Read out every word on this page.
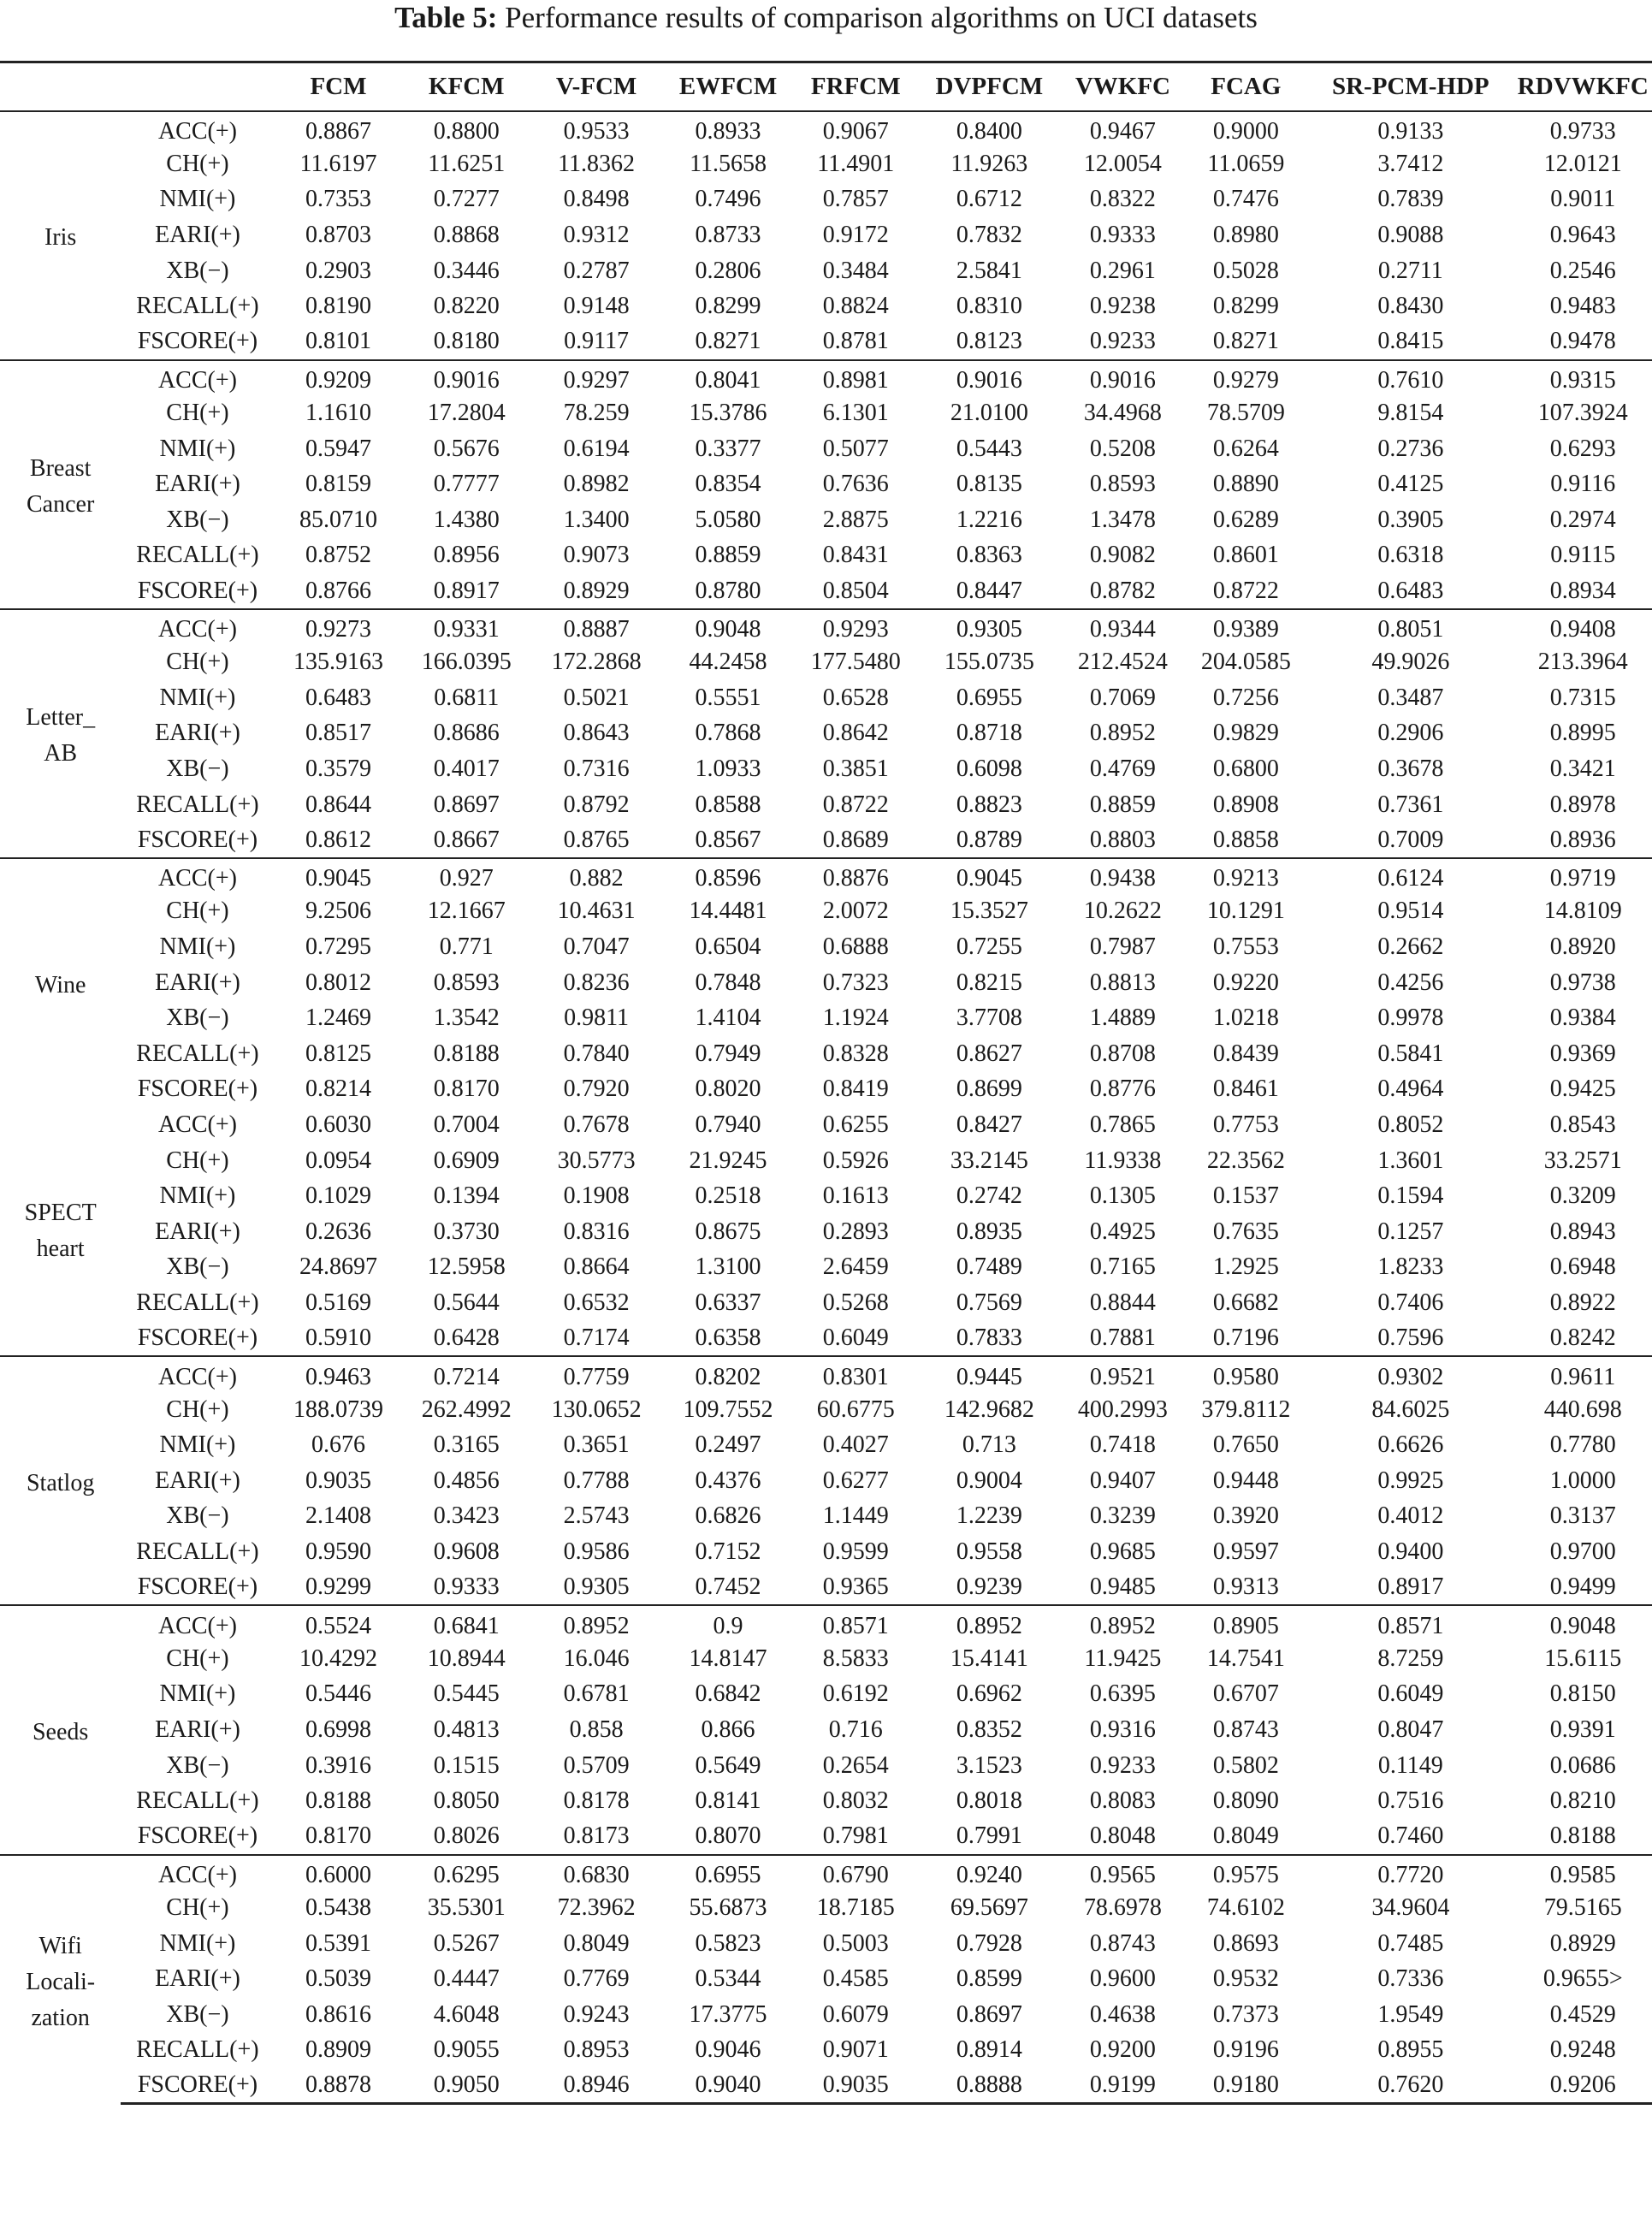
Table 5: Performance results of comparison algorithms on UCI datasets
		FCM	KFCM	V-FCM	EWFCM	FRFCM	DVPFCM	VWKFC	FCAG	SR-PCM-HDP	RDVWKFC

Iris	ACC(+)	0.8867	0.8800	0.9533	0.8933	0.9067	0.8400	0.9467	0.9000	0.9133	0.9733
	CH(+)	11.6197	11.6251	11.8362	11.5658	11.4901	11.9263	12.0054	11.0659	3.7412	12.0121
	NMI(+)	0.7353	0.7277	0.8498	0.7496	0.7857	0.6712	0.8322	0.7476	0.7839	0.9011
	EARI(+)	0.8703	0.8868	0.9312	0.8733	0.9172	0.7832	0.9333	0.8980	0.9088	0.9643
	XB(−)	0.2903	0.3446	0.2787	0.2806	0.3484	2.5841	0.2961	0.5028	0.2711	0.2546
	RECALL(+)	0.8190	0.8220	0.9148	0.8299	0.8824	0.8310	0.9238	0.8299	0.8430	0.9483
	FSCORE(+)	0.8101	0.8180	0.9117	0.8271	0.8781	0.8123	0.9233	0.8271	0.8415	0.9478

Breast
Cancer	ACC(+)	0.9209	0.9016	0.9297	0.8041	0.8981	0.9016	0.9016	0.9279	0.7610	0.9315
	CH(+)	1.1610	17.2804	78.259	15.3786	6.1301	21.0100	34.4968	78.5709	9.8154	107.3924
	NMI(+)	0.5947	0.5676	0.6194	0.3377	0.5077	0.5443	0.5208	0.6264	0.2736	0.6293
	EARI(+)	0.8159	0.7777	0.8982	0.8354	0.7636	0.8135	0.8593	0.8890	0.4125	0.9116
	XB(−)	85.0710	1.4380	1.3400	5.0580	2.8875	1.2216	1.3478	0.6289	0.3905	0.2974
	RECALL(+)	0.8752	0.8956	0.9073	0.8859	0.8431	0.8363	0.9082	0.8601	0.6318	0.9115
	FSCORE(+)	0.8766	0.8917	0.8929	0.8780	0.8504	0.8447	0.8782	0.8722	0.6483	0.8934

Letter_
AB	ACC(+)	0.9273	0.9331	0.8887	0.9048	0.9293	0.9305	0.9344	0.9389	0.8051	0.9408
	CH(+)	135.9163	166.0395	172.2868	44.2458	177.5480	155.0735	212.4524	204.0585	49.9026	213.3964
	NMI(+)	0.6483	0.6811	0.5021	0.5551	0.6528	0.6955	0.7069	0.7256	0.3487	0.7315
	EARI(+)	0.8517	0.8686	0.8643	0.7868	0.8642	0.8718	0.8952	0.9829	0.2906	0.8995
	XB(−)	0.3579	0.4017	0.7316	1.0933	0.3851	0.6098	0.4769	0.6800	0.3678	0.3421
	RECALL(+)	0.8644	0.8697	0.8792	0.8588	0.8722	0.8823	0.8859	0.8908	0.7361	0.8978
	FSCORE(+)	0.8612	0.8667	0.8765	0.8567	0.8689	0.8789	0.8803	0.8858	0.7009	0.8936

Wine	ACC(+)	0.9045	0.927	0.882	0.8596	0.8876	0.9045	0.9438	0.9213	0.6124	0.9719
	CH(+)	9.2506	12.1667	10.4631	14.4481	2.0072	15.3527	10.2622	10.1291	0.9514	14.8109
	NMI(+)	0.7295	0.771	0.7047	0.6504	0.6888	0.7255	0.7987	0.7553	0.2662	0.8920
	EARI(+)	0.8012	0.8593	0.8236	0.7848	0.7323	0.8215	0.8813	0.9220	0.4256	0.9738
	XB(−)	1.2469	1.3542	0.9811	1.4104	1.1924	3.7708	1.4889	1.0218	0.9978	0.9384
	RECALL(+)	0.8125	0.8188	0.7840	0.7949	0.8328	0.8627	0.8708	0.8439	0.5841	0.9369
	FSCORE(+)	0.8214	0.8170	0.7920	0.8020	0.8419	0.8699	0.8776	0.8461	0.4964	0.9425

SPECT
heart	ACC(+)	0.6030	0.7004	0.7678	0.7940	0.6255	0.8427	0.7865	0.7753	0.8052	0.8543
	CH(+)	0.0954	0.6909	30.5773	21.9245	0.5926	33.2145	11.9338	22.3562	1.3601	33.2571
	NMI(+)	0.1029	0.1394	0.1908	0.2518	0.1613	0.2742	0.1305	0.1537	0.1594	0.3209
	EARI(+)	0.2636	0.3730	0.8316	0.8675	0.2893	0.8935	0.4925	0.7635	0.1257	0.8943
	XB(−)	24.8697	12.5958	0.8664	1.3100	2.6459	0.7489	0.7165	1.2925	1.8233	0.6948
	RECALL(+)	0.5169	0.5644	0.6532	0.6337	0.5268	0.7569	0.8844	0.6682	0.7406	0.8922
	FSCORE(+)	0.5910	0.6428	0.7174	0.6358	0.6049	0.7833	0.7881	0.7196	0.7596	0.8242

Statlog	ACC(+)	0.9463	0.7214	0.7759	0.8202	0.8301	0.9445	0.9521	0.9580	0.9302	0.9611
	CH(+)	188.0739	262.4992	130.0652	109.7552	60.6775	142.9682	400.2993	379.8112	84.6025	440.698
	NMI(+)	0.676	0.3165	0.3651	0.2497	0.4027	0.713	0.7418	0.7650	0.6626	0.7780
	EARI(+)	0.9035	0.4856	0.7788	0.4376	0.6277	0.9004	0.9407	0.9448	0.9925	1.0000
	XB(−)	2.1408	0.3423	2.5743	0.6826	1.1449	1.2239	0.3239	0.3920	0.4012	0.3137
	RECALL(+)	0.9590	0.9608	0.9586	0.7152	0.9599	0.9558	0.9685	0.9597	0.9400	0.9700
	FSCORE(+)	0.9299	0.9333	0.9305	0.7452	0.9365	0.9239	0.9485	0.9313	0.8917	0.9499

Seeds	ACC(+)	0.5524	0.6841	0.8952	0.9	0.8571	0.8952	0.8952	0.8905	0.8571	0.9048
	CH(+)	10.4292	10.8944	16.046	14.8147	8.5833	15.4141	11.9425	14.7541	8.7259	15.6115
	NMI(+)	0.5446	0.5445	0.6781	0.6842	0.6192	0.6962	0.6395	0.6707	0.6049	0.8150
	EARI(+)	0.6998	0.4813	0.858	0.866	0.716	0.8352	0.9316	0.8743	0.8047	0.9391
	XB(−)	0.3916	0.1515	0.5709	0.5649	0.2654	3.1523	0.9233	0.5802	0.1149	0.0686
	RECALL(+)	0.8188	0.8050	0.8178	0.8141	0.8032	0.8018	0.8083	0.8090	0.7516	0.8210
	FSCORE(+)	0.8170	0.8026	0.8173	0.8070	0.7981	0.7991	0.8048	0.8049	0.7460	0.8188

Wifi
Locali-
zation	ACC(+)	0.6000	0.6295	0.6830	0.6955	0.6790	0.9240	0.9565	0.9575	0.7720	0.9585
	CH(+)	0.5438	35.5301	72.3962	55.6873	18.7185	69.5697	78.6978	74.6102	34.9604	79.5165
	NMI(+)	0.5391	0.5267	0.8049	0.5823	0.5003	0.7928	0.8743	0.8693	0.7485	0.8929
	EARI(+)	0.5039	0.4447	0.7769	0.5344	0.4585	0.8599	0.9600	0.9532	0.7336	0.9655>
	XB(−)	0.8616	4.6048	0.9243	17.3775	0.6079	0.8697	0.4638	0.7373	1.9549	0.4529
	RECALL(+)	0.8909	0.9055	0.8953	0.9046	0.9071	0.8914	0.9200	0.9196	0.8955	0.9248
	FSCORE(+)	0.8878	0.9050	0.8946	0.9040	0.9035	0.8888	0.9199	0.9180	0.7620	0.9206
